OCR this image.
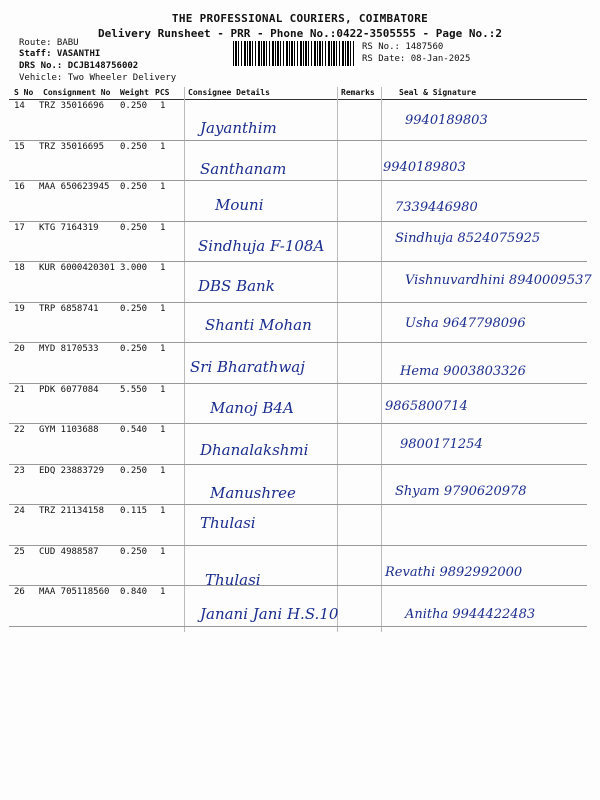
THE PROFESSIONAL COURIERS, COIMBATORE
Delivery Runsheet - PRR - Phone No.:0422-3505555 - Page No.:2
Route: BABU
Staff: VASANTHI
DRS No.: DCJB148756002
Vehicle: Two Wheeler Delivery
RS No.: 1487560
RS Date: 08-Jan-2025
S No Consignment No Weight PCS Consignee Details	Remarks	Seal & Signature
14 TRZ 35016696 0.250 1
Jayanthim	9940189803
15 TRZ 35016695 0.250 1
Santhanam	9940189803
16 MAA 650623945 0.250 1
Mouni	7339446980
17 KTG 7164319 0.250 1
Sindhuja F-108A	Sindhuja 8524075925
18 KUR 6000420301 3.000 1
DBS Bank	Vishnuvardhini 8940009537
19 TRP 6858741 0.250 1
Shanti Mohan	Usha 9647798096
20 MYD 8170533 0.250 1
Sri Bharathwaj	Hema 9003803326
21 PDK 6077084 5.550 1
Manoj B4A	9865800714
22 GYM 1103688 0.540 1
Dhanalakshmi	9800171254
23 EDQ 23883729 0.250 1
Manushree	Shyam 9790620978
24 TRZ 21134158 0.115 1
Thulasi
25 CUD 4988587 0.250 1
Thulasi	Revathi 9892992000
26 MAA 705118560 0.840 1
Janani Jani H.S.10	Anitha 9944422483
